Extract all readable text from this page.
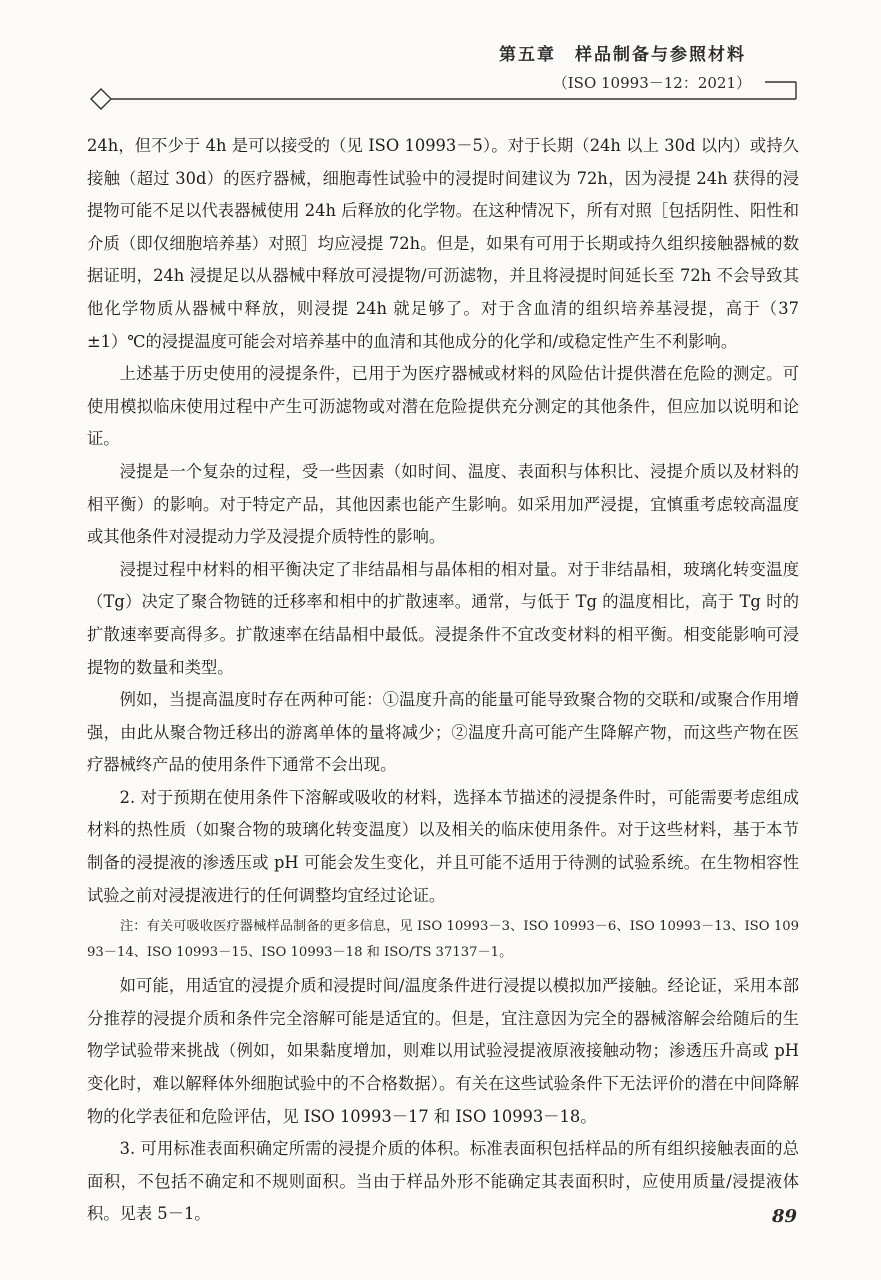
第五章　样品制备与参照材料
（ISO 10993－12：2021）

24h，但不少于 4h 是可以接受的（见 ISO 10993－5）。对于长期（24h 以上 30d 以内）或持久接触（超过 30d）的医疗器械，细胞毒性试验中的浸提时间建议为 72h，因为浸提 24h 获得的浸提物可能不足以代表器械使用 24h 后释放的化学物。在这种情况下，所有对照［包括阴性、阳性和介质（即仅细胞培养基）对照］均应浸提 72h。但是，如果有可用于长期或持久组织接触器械的数据证明，24h 浸提足以从器械中释放可浸提物/可沥滤物，并且将浸提时间延长至 72h 不会导致其他化学物质从器械中释放，则浸提 24h 就足够了。对于含血清的组织培养基浸提，高于（37±1）℃的浸提温度可能会对培养基中的血清和其他成分的化学和/或稳定性产生不利影响。

上述基于历史使用的浸提条件，已用于为医疗器械或材料的风险估计提供潜在危险的测定。可使用模拟临床使用过程中产生可沥滤物或对潜在危险提供充分测定的其他条件，但应加以说明和论证。

浸提是一个复杂的过程，受一些因素（如时间、温度、表面积与体积比、浸提介质以及材料的相平衡）的影响。对于特定产品，其他因素也能产生影响。如采用加严浸提，宜慎重考虑较高温度或其他条件对浸提动力学及浸提介质特性的影响。

浸提过程中材料的相平衡决定了非结晶相与晶体相的相对量。对于非结晶相，玻璃化转变温度（Tg）决定了聚合物链的迁移率和相中的扩散速率。通常，与低于 Tg 的温度相比，高于 Tg 时的扩散速率要高得多。扩散速率在结晶相中最低。浸提条件不宜改变材料的相平衡。相变能影响可浸提物的数量和类型。

例如，当提高温度时存在两种可能：①温度升高的能量可能导致聚合物的交联和/或聚合作用增强，由此从聚合物迁移出的游离单体的量将减少；②温度升高可能产生降解产物，而这些产物在医疗器械终产品的使用条件下通常不会出现。

2. 对于预期在使用条件下溶解或吸收的材料，选择本节描述的浸提条件时，可能需要考虑组成材料的热性质（如聚合物的玻璃化转变温度）以及相关的临床使用条件。对于这些材料，基于本节制备的浸提液的渗透压或 pH 可能会发生变化，并且可能不适用于待测的试验系统。在生物相容性试验之前对浸提液进行的任何调整均宜经过论证。

注：有关可吸收医疗器械样品制备的更多信息，见 ISO 10993－3、ISO 10993－6、ISO 10993－13、ISO 10993－14、ISO 10993－15、ISO 10993－18 和 ISO/TS 37137－1。

如可能，用适宜的浸提介质和浸提时间/温度条件进行浸提以模拟加严接触。经论证，采用本部分推荐的浸提介质和条件完全溶解可能是适宜的。但是，宜注意因为完全的器械溶解会给随后的生物学试验带来挑战（例如，如果黏度增加，则难以用试验浸提液原液接触动物；渗透压升高或 pH 变化时，难以解释体外细胞试验中的不合格数据）。有关在这些试验条件下无法评价的潜在中间降解物的化学表征和危险评估，见 ISO 10993－17 和 ISO 10993－18。

3. 可用标准表面积确定所需的浸提介质的体积。标准表面积包括样品的所有组织接触表面的总面积，不包括不确定和不规则面积。当由于样品外形不能确定其表面积时，应使用质量/浸提液体积。见表 5－1。	89
